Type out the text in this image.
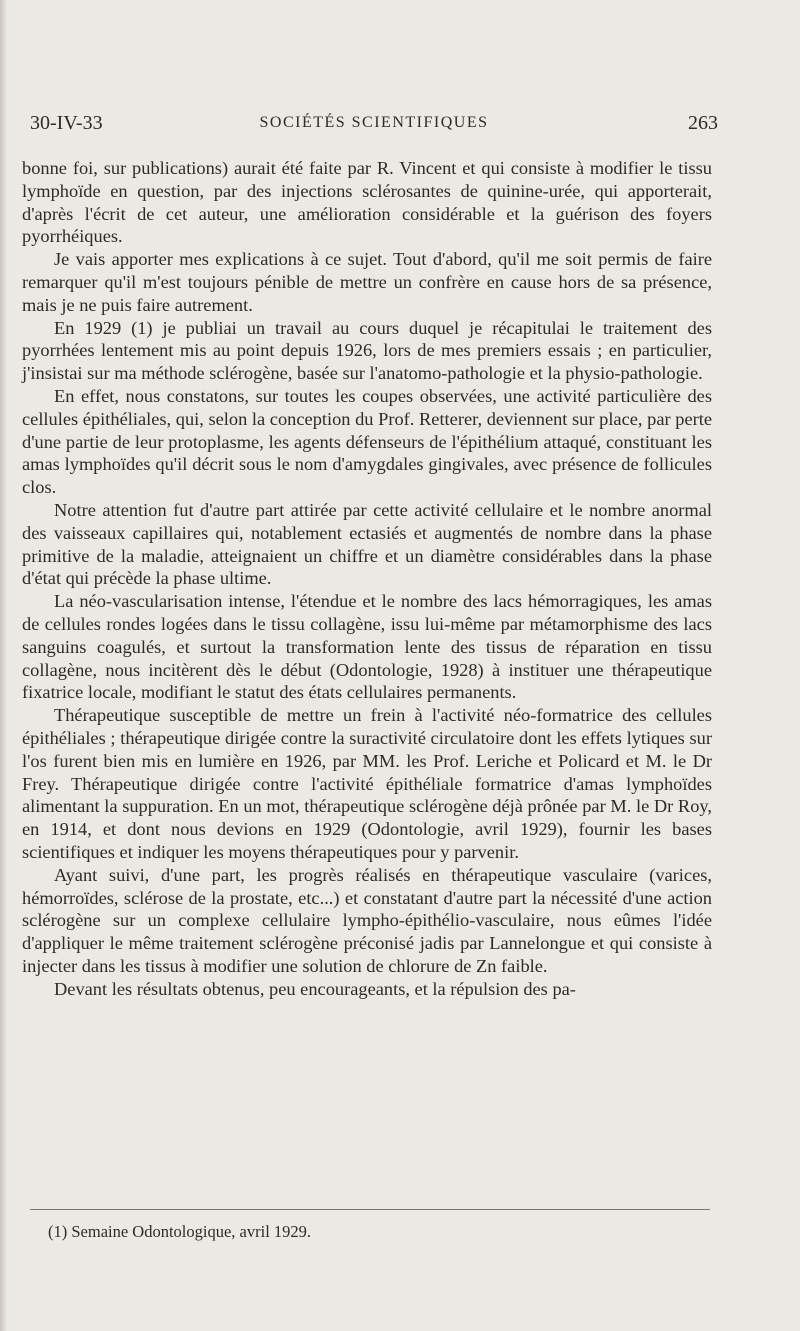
30-IV-33	SOCIÉTÉS SCIENTIFIQUES	263

bonne foi, sur publications) aurait été faite par R. Vincent et qui consiste à modifier le tissu lymphoïde en question, par des injections sclérosantes de quinine-urée, qui apporterait, d'après l'écrit de cet auteur, une amélioration considérable et la guérison des foyers pyorrhéiques.

Je vais apporter mes explications à ce sujet. Tout d'abord, qu'il me soit permis de faire remarquer qu'il m'est toujours pénible de mettre un confrère en cause hors de sa présence, mais je ne puis faire autrement.

En 1929 (1) je publiai un travail au cours duquel je récapitulai le traitement des pyorrhées lentement mis au point depuis 1926, lors de mes premiers essais ; en particulier, j'insistai sur ma méthode sclérogène, basée sur l'anatomo-pathologie et la physio-pathologie.

En effet, nous constatons, sur toutes les coupes observées, une activité particulière des cellules épithéliales, qui, selon la conception du Prof. Retterer, deviennent sur place, par perte d'une partie de leur protoplasme, les agents défenseurs de l'épithélium attaqué, constituant les amas lymphoïdes qu'il décrit sous le nom d'amygdales gingivales, avec présence de follicules clos.

Notre attention fut d'autre part attirée par cette activité cellulaire et le nombre anormal des vaisseaux capillaires qui, notablement ectasiés et augmentés de nombre dans la phase primitive de la maladie, atteignaient un chiffre et un diamètre considérables dans la phase d'état qui précède la phase ultime.

La néo-vascularisation intense, l'étendue et le nombre des lacs hémorragiques, les amas de cellules rondes logées dans le tissu collagène, issu lui-même par métamorphisme des lacs sanguins coagulés, et surtout la transformation lente des tissus de réparation en tissu collagène, nous incitèrent dès le début (Odontologie, 1928) à instituer une thérapeutique fixatrice locale, modifiant le statut des états cellulaires permanents.

Thérapeutique susceptible de mettre un frein à l'activité néo-formatrice des cellules épithéliales ; thérapeutique dirigée contre la suractivité circulatoire dont les effets lytiques sur l'os furent bien mis en lumière en 1926, par MM. les Prof. Leriche et Policard et M. le Dr Frey. Thérapeutique dirigée contre l'activité épithéliale formatrice d'amas lymphoïdes alimentant la suppuration. En un mot, thérapeutique sclérogène déjà prônée par M. le Dr Roy, en 1914, et dont nous devions en 1929 (Odontologie, avril 1929), fournir les bases scientifiques et indiquer les moyens thérapeutiques pour y parvenir.

Ayant suivi, d'une part, les progrès réalisés en thérapeutique vasculaire (varices, hémorroïdes, sclérose de la prostate, etc...) et constatant d'autre part la nécessité d'une action sclérogène sur un complexe cellulaire lympho-épithélio-vasculaire, nous eûmes l'idée d'appliquer le même traitement sclérogène préconisé jadis par Lannelongue et qui consiste à injecter dans les tissus à modifier une solution de chlorure de Zn faible.

Devant les résultats obtenus, peu encourageants, et la répulsion des pa-

(1) Semaine Odontologique, avril 1929.
